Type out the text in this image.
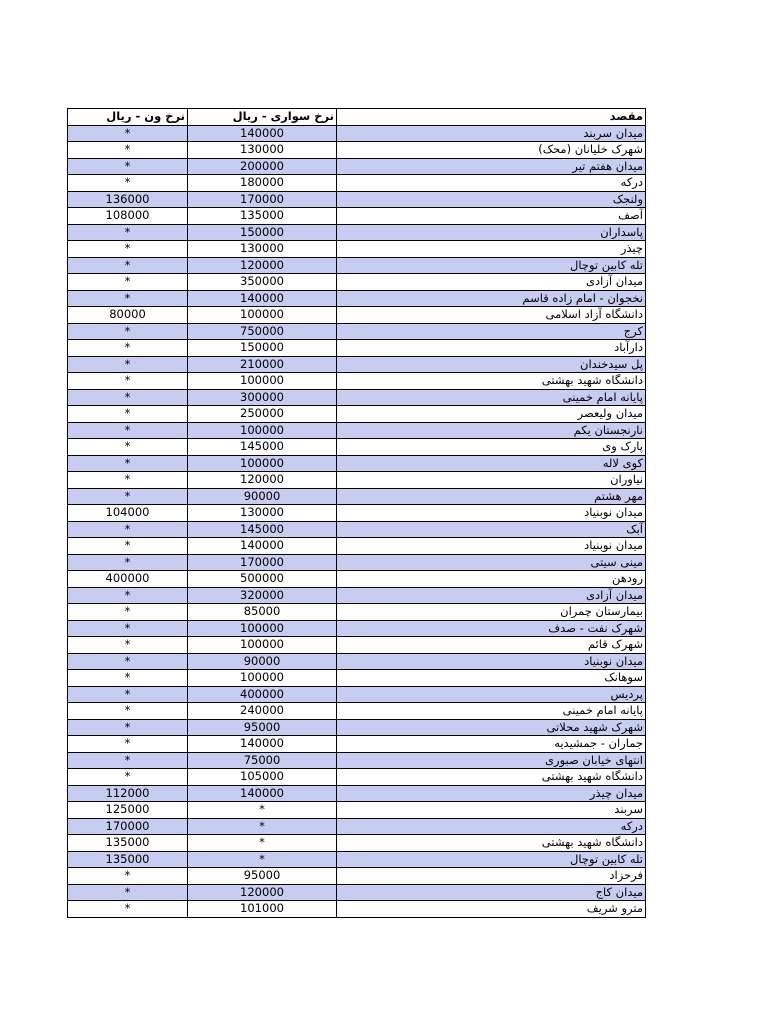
نرخ ون - ریال	نرخ سواری - ریال	مقصد
*	140000	میدان سربند
*	130000	شهرک خلیانان (محک)
*	200000	میدان هفتم تیر
*	180000	درکه
136000	170000	ولنجک
108000	135000	آصف
*	150000	پاسداران
*	130000	چیذر
*	120000	تله کابین توچال
*	350000	میدان آزادی
*	140000	نخجوان - امام زاده قاسم
80000	100000	دانشگاه آزاد اسلامی
*	750000	کرج
*	150000	دارآباد
*	210000	پل سیدخندان
*	100000	دانشگاه شهید بهشتی
*	300000	پایانه امام خمینی
*	250000	میدان ولیعصر
*	100000	نارنجستان یکم
*	145000	پارک وی
*	100000	کوی لاله
*	120000	نیاوران
*	90000	مهر هشتم
104000	130000	میدان نوبنیاد
*	145000	آبک
*	140000	میدان نوبنیاد
*	170000	مینی سیتی
400000	500000	رودهن
*	320000	میدان آزادی
*	85000	بیمارستان چمران
*	100000	شهرک نفت - صدف
*	100000	شهرک قائم
*	90000	میدان نوبنیاد
*	100000	سوهانک
*	400000	پردیس
*	240000	پایانه امام خمینی
*	95000	شهرک شهید محلاتی
*	140000	جماران - جمشیدیه
*	75000	انتهای خیابان صبوری
*	105000	دانشگاه شهید بهشتی
112000	140000	میدان چیذر
125000	*	سربند
170000	*	درکه
135000	*	دانشگاه شهید بهشتی
135000	*	تله کابین توچال
*	95000	فرحزاد
*	120000	میدان کاج
*	101000	مترو شریف
